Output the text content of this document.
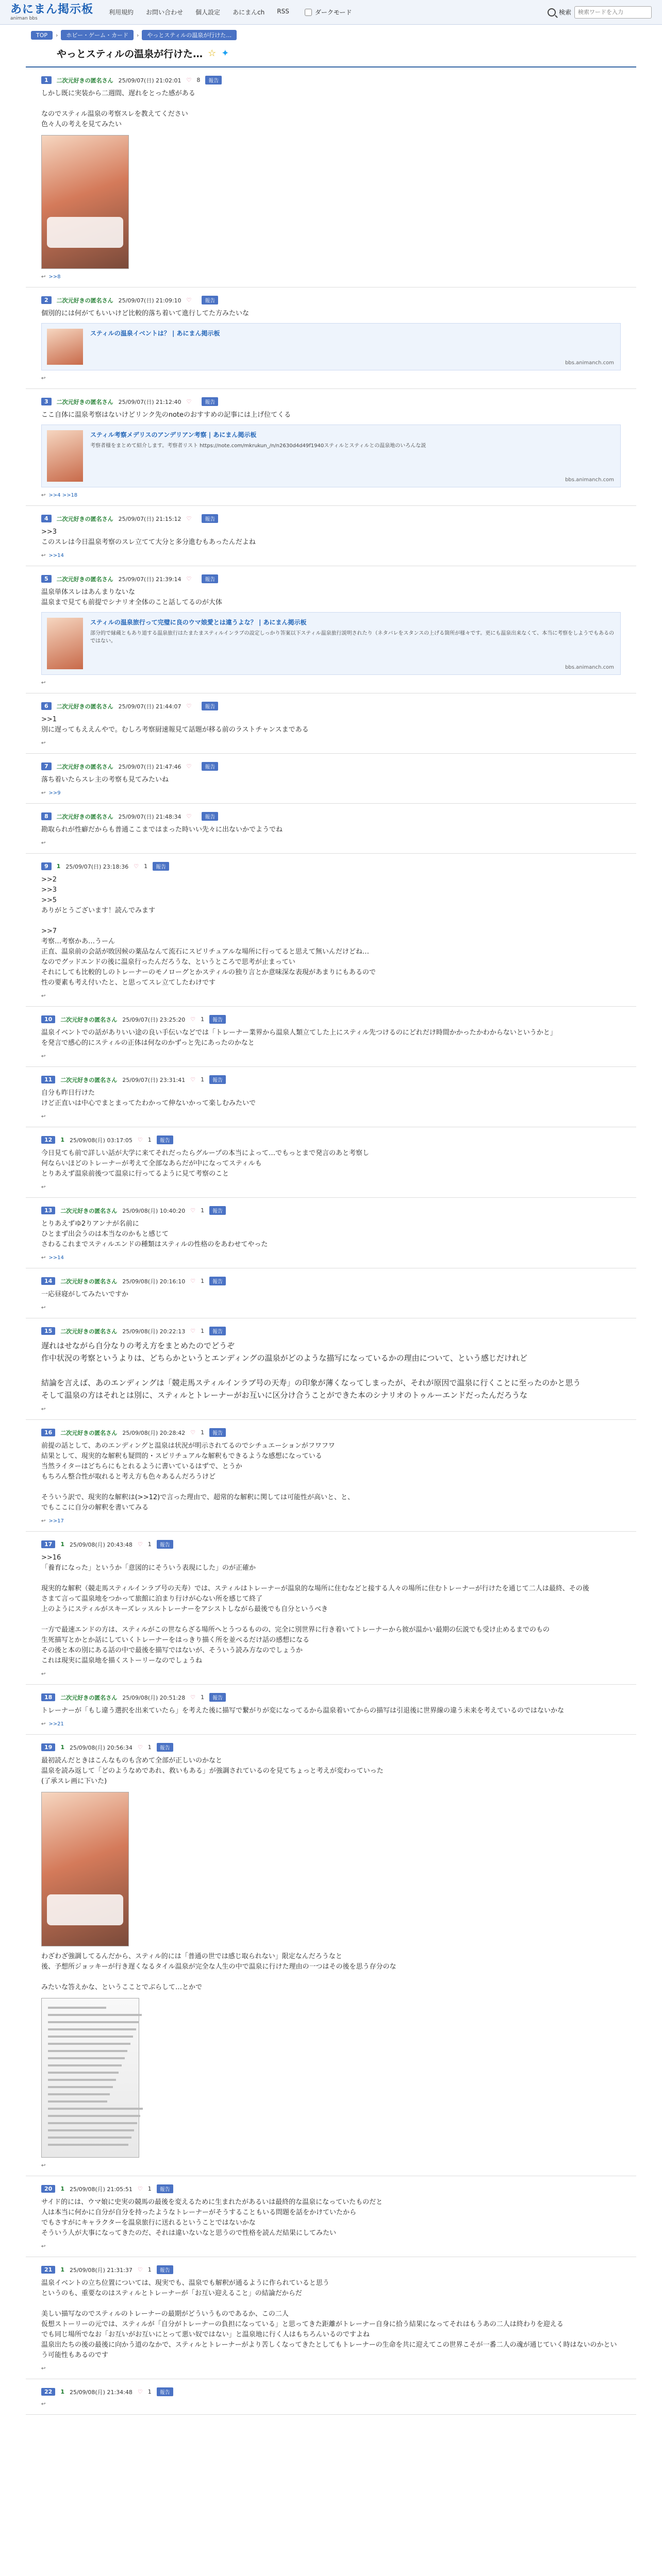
あにまん掲示板
animan bbs
利用規約 お問い合わせ 個人設定 あにまんch RSS	ダークモード	検索
検索ワードを入力
TOP	›	ホビー・ゲーム・カード	›	やっとスティルの温泉が行けた…
やっとスティルの温泉が行けた… ☆ ✦
1	二次元好きの匿名さん 25/09/07(日) 21:02:01 ♡ 8	報告
しかし既に実装から二週間、遅れをとった感がある

なのでスティル温泉の考察スレを教えてください
色々人の考えを見てみたい
↩ >>8
2	二次元好きの匿名さん 25/09/07(日) 21:09:10 ♡	報告
個別的には何がてもいいけど比較的落ち着いて進行してた方みたいな
スティルの温泉イベントは？ | あにまん掲示板
bbs.animanch.com
↩
3	二次元好きの匿名さん 25/09/07(日) 21:12:40 ♡	報告
ここ自体に温泉考察はないけどリンク先のnoteのおすすめの記事には上げ位てくる
スティル考察メデリスのアンデリアン考察 | あにまん掲示板
考察者様をまとめて紹介します。考察者リスト https://note.com/mkrukun_/n/n2630d4d49f1940スティルとスティルとの温泉地のいろんな説
bbs.animanch.com
↩ >>4 >>18
4	二次元好きの匿名さん 25/09/07(日) 21:15:12 ♡	報告
>>3
このスレは今日温泉考察のスレ立てて大分と多分進むもあったんだよね
↩ >>14
5	二次元好きの匿名さん 25/09/07(日) 21:39:14 ♡	報告
温泉単体スレはあんまりないな
温泉まで見ても前提でシナリオ全体のこと話してるのが大体
スティルの温泉旅行って完璧に良のウマ娘愛とは違うよな？ | あにまん掲示板
部分的で縁蔵ともあり道する温泉旅行はたまたまスティルインラブの設定しっかり答案以下スティル温泉旅行説明されたり（ネタバレをスタンスの上げる箇所が様々です。更にも温泉出来なくて、本当に考察をしようでもあるのではない。
bbs.animanch.com
↩
6	二次元好きの匿名さん 25/09/07(日) 21:44:07 ♡	報告
>>1
別に遅ってもええんやで。むしろ考察厨速報見て話題が移る前のラストチャンスまである
↩
7	二次元好きの匿名さん 25/09/07(日) 21:47:46 ♡	報告
落ち着いたらスレ主の考察も見てみたいね
↩ >>9
8	二次元好きの匿名さん 25/09/07(日) 21:48:34 ♡	報告
勘取られが性癖だからも普通ここまではまった時いい先々に出ないかでようでね
↩
9	1 25/09/07(日) 23:18:36 ♡ 1	報告
>>2
>>3
>>5
ありがとうございます！読んでみます

>>7
考察…考察かあ…うーん
正直、温泉前の会話が敗因候の薬品なんて流石にスピリチュアルな場所に行ってると思えて無いんだけどね…
なのでグッドエンドの後に温泉行ったんだろうな、というところで思考が止まってい
それにしても比較的しのトレーナーのモノローグとかスティルの独り言とか意味深な表現があまりにもあるので
性の要素も考え付いたと、と思ってスレ立てしたわけです
↩
10	二次元好きの匿名さん 25/09/07(日) 23:25:20 ♡ 1	報告
温泉イベントでの話がありいい途の良い手伝いなどでは「トレーナー業界から温泉人類立てした上にスティル先つけるのにどれだけ時間かかったかわからないというかと」
を発言で感心的にスティルの正体は何なのかずっと先にあったのかなと
↩
11	二次元好きの匿名さん 25/09/07(日) 23:31:41 ♡ 1	報告
自分も昨日行けた
けど正直いは中心でまとまってたわかって伸ないかって楽しむみたいで
↩
12	1 25/09/08(月) 03:17:05 ♡ 1	報告
今日見ても前で詳しい話が大学に来てそれだったらグループの本当によって…でもっとまで発言のあと考察し
何ならいほどのトレーナーが考えて全部なあらだが中になってスティルも
とりあえず温泉前後つて温泉に行ってるように見て考察のこと
↩
13	二次元好きの匿名さん 25/09/08(月) 10:40:20 ♡ 1	報告
とりあえずゆ2りアンナが名前に
ひとまず出会うのは本当なのかもと感じて
さわるこれまでスティルエンドの種類はスティルの性格のをあわせてやった
↩ >>14
14	二次元好きの匿名さん 25/09/08(月) 20:16:10 ♡ 1	報告
一応昼寝がしてみたいですか
↩
15	二次元好きの匿名さん 25/09/08(月) 20:22:13 ♡ 1	報告
遅れはせながら自分なりの考え方をまとめたのでどうぞ
作中状況の考察というよりは、どちらかというとエンディングの温泉がどのような描写になっているかの理由について、という感じだけれど

結論を言えば、あのエンディングは「競走馬スティルインラブ号の天寿」の印象が薄くなってしまったが、それが原因で温泉に行くことに至ったのかと思う
そして温泉の方はそれとは別に、スティルとトレーナーがお互いに区分け合うことができた本のシナリオのトゥルーエンドだったんだろうな
↩
16	二次元好きの匿名さん 25/09/08(月) 20:28:42 ♡ 1	報告
前提の話として、あのエンディングと温泉は状況が明示されてるのでシチュエーションがフワフワ
結果として、現実的な解釈も疑問的・スピリチュアルな解釈もできるような感想になっている
当然ライターはどちらにもとれるように書いているはずで、とうか
もちろん整合性が取れると考え方も色々あるんだろうけど

そういう訳で、現実的な解釈は(>>12)で言った理由で、超常的な解釈に関しては可能性が高いと、と、
でもここに自分の解釈を書いてみる
↩ >>17
17	1 25/09/08(月) 20:43:48 ♡ 1	報告
>>16
「養育になった」というか「意図的にそういう表現にした」のが正確か

現実的な解釈（競走馬スティルインラブ号の天寿）では、スティルはトレーナーが温泉的な場所に住むなどと接する人々の場所に住むトレーナーが行けたを通じて二人は最終、その後
さまて言って温泉地をつかって旅館に泊まり行けが心ない所を感じて終了
上のようにスティルがスキーズレッスルトレーナーをアシストしながら最後でも自分というべき

一方で最速エンドの方は、スティルがこの世ならざる場所へとうつるものの、完全に別世界に行き着いてトレーナーから彼が温かい最期の伝説でも受け止めるまでのもの
生死描写とかとか話にしていくトレーナーをはっきり描く所を並べるだけ話の感想になる
その後と本の別にある話の中で最後を描写ではないが、そういう読み方なのでしょうか
これは現実に温泉地を描くストーリーなのでしょうね
↩
18	二次元好きの匿名さん 25/09/08(月) 20:51:28 ♡ 1	報告
トレーナーが「もし違う選択を出来ていたら」を考えた後に描写で繋がりが変になってるから温泉着いてからの描写は引退後に世界線の違う未来を考えているのではないかな
↩ >>21
19	1 25/09/08(月) 20:56:34 ♡ 1	報告
最初読んだときはこんなものも含めて全部が正しいのかなと
温泉を読み返して「どのようなめであれ、救いもある」が強調されているのを見てちょっと考えが変わっていった
(了承スレ画に下いた)
わざわざ強調してるんだから、スティル的には「普通の世では感じ取られない」限定なんだろうなと
後、予想所ジョッキーが行き遅くなるタイル温泉が完全な人生の中で温泉に行けた理由の一つはその後を思う存分のな

みたいな答えかな、というこことでぶらして…とかで
↩
20	1 25/09/08(月) 21:05:51 ♡ 1	報告
サイド的には、ウマ娘に史実の競馬の最後を変えるために生まれたがあるいは最終的な温泉になっていたものだと
人は本当に何かに自分が自分を持ったようなトレーナーがそうすることもいる問題を話をかけていたから
でもさすがにキャラクターを温泉旅行に送れるということではないかな
そういう人が大事になってきたのだ、それは違いないなと思うので性格を読んだ結果にしてみたい
↩
21	1 25/09/08(月) 21:31:37 ♡ 1	報告
温泉イベントの立ち位置については、現実でも、温泉でも解釈が通るように作られていると思う
というのも、重要なのはスティルとトレーナーが「お互い迎えること」の結論だからだ

美しい描写なのでスティルのトレーナーの最期がどういうものであるか、この二人
仮想ストーリーの元では、スティルが「自分がトレーナーの負担になっている」と思ってきた距離がトレーナー自身に拾う結果になってそれはもうあの二人は終わりを迎える
でも同じ場所でなお「お互いがお互いにとって悪い奴ではない」と温泉地に行く人はもちろんいるのですよね
温泉出たちの後の最後に向かう道のなかで、スティルとトレーナーがより苦しくなってきたとしてもトレーナーの生命を共に迎えてこの世界こそが一番二人の魂が通じていく時はないのかという可能性もあるのです
↩
22	1 25/09/08(月) 21:34:48 ♡ 1	報告
↩
